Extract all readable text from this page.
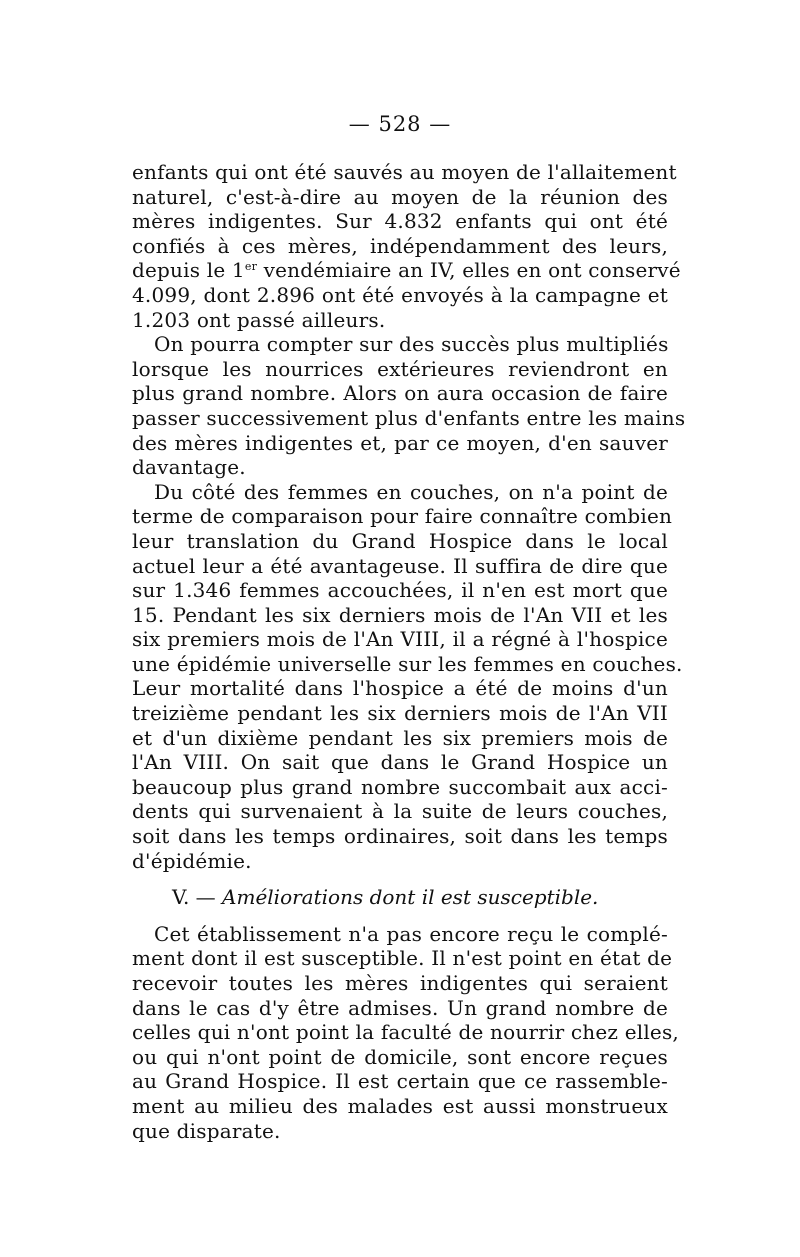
— 528 —
enfants qui ont été sauvés au moyen de l'allaitement
naturel, c'est-à-dire au moyen de la réunion des
mères indigentes. Sur 4.832 enfants qui ont été
confiés à ces mères, indépendamment des leurs,
depuis le 1er vendémiaire an IV, elles en ont conservé
4.099, dont 2.896 ont été envoyés à la campagne et
1.203 ont passé ailleurs.
On pourra compter sur des succès plus multipliés
lorsque les nourrices extérieures reviendront en
plus grand nombre. Alors on aura occasion de faire
passer successivement plus d'enfants entre les mains
des mères indigentes et, par ce moyen, d'en sauver
davantage.
Du côté des femmes en couches, on n'a point de
terme de comparaison pour faire connaître combien
leur translation du Grand Hospice dans le local
actuel leur a été avantageuse. Il suffira de dire que
sur 1.346 femmes accouchées, il n'en est mort que
15. Pendant les six derniers mois de l'An VII et les
six premiers mois de l'An VIII, il a régné à l'hospice
une épidémie universelle sur les femmes en couches.
Leur mortalité dans l'hospice a été de moins d'un
treizième pendant les six derniers mois de l'An VII
et d'un dixième pendant les six premiers mois de
l'An VIII. On sait que dans le Grand Hospice un
beaucoup plus grand nombre succombait aux acci-
dents qui survenaient à la suite de leurs couches,
soit dans les temps ordinaires, soit dans les temps
d'épidémie.
V. — Améliorations dont il est susceptible.
Cet établissement n'a pas encore reçu le complé-
ment dont il est susceptible. Il n'est point en état de
recevoir toutes les mères indigentes qui seraient
dans le cas d'y être admises. Un grand nombre de
celles qui n'ont point la faculté de nourrir chez elles,
ou qui n'ont point de domicile, sont encore reçues
au Grand Hospice. Il est certain que ce rassemble-
ment au milieu des malades est aussi monstrueux
que disparate.
